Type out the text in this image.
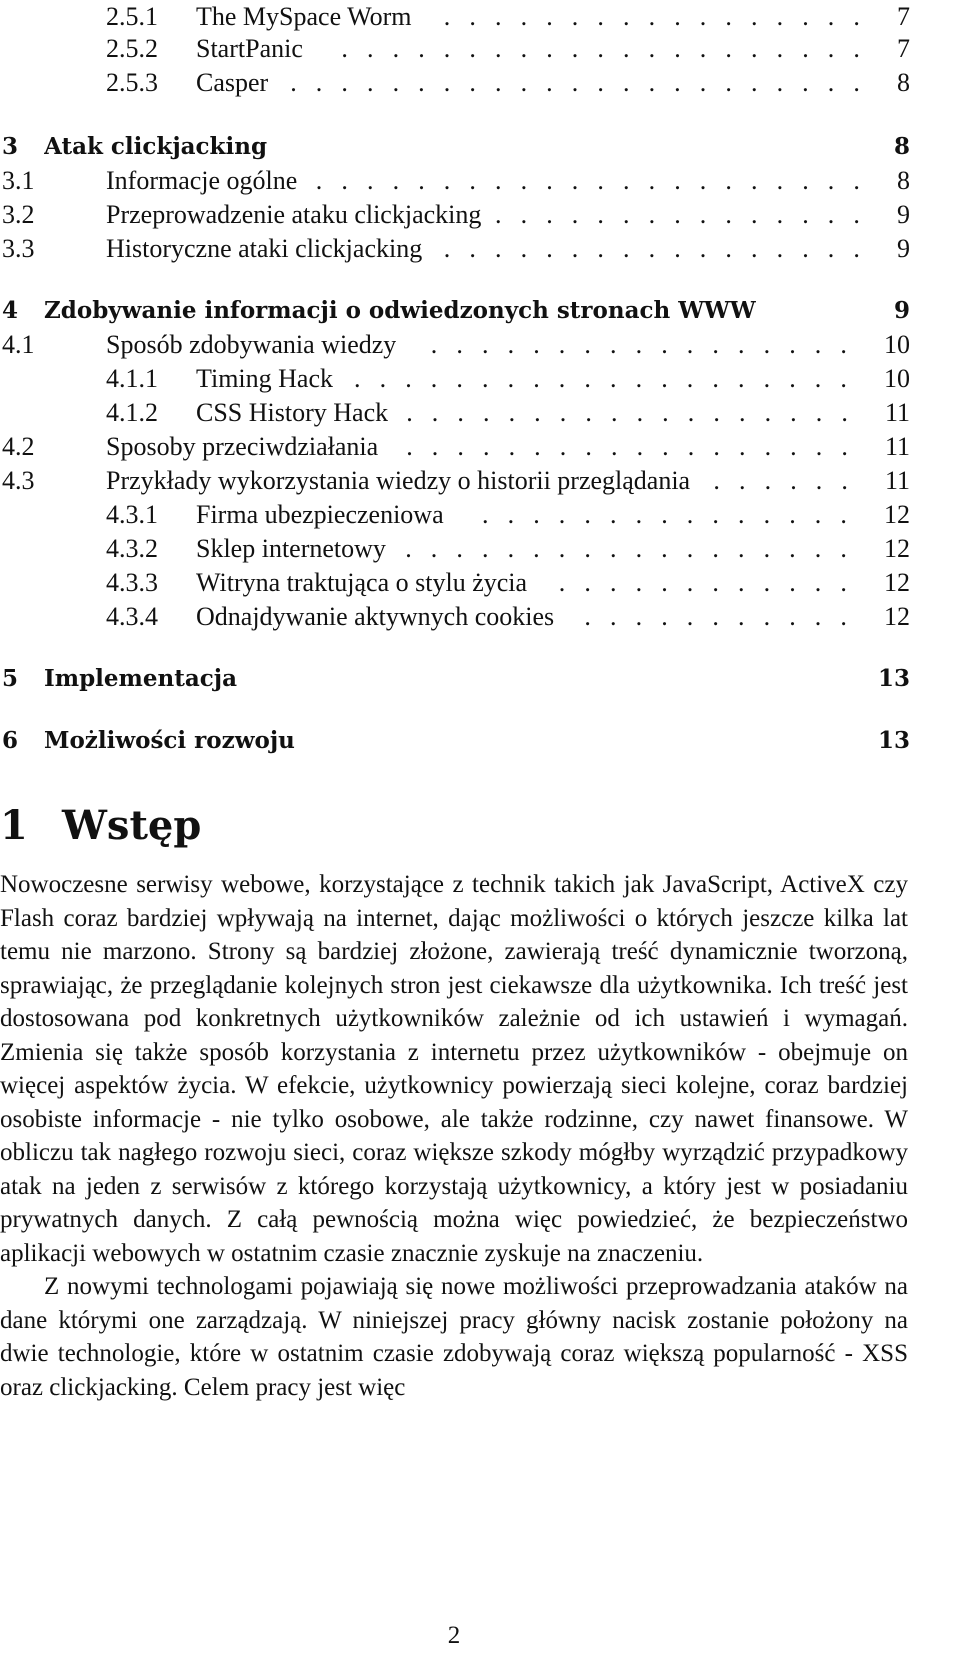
2.5.1 The MySpace Worm ................. 7
2.5.2 StartPanic ..................... 7
2.5.3 Casper ....................... 8
3 Atak clickjacking	8
3.1	Informacje ogólne ...................... 8
3.2	Przeprowadzenie ataku clickjacking ............... 9
3.3	Historyczne ataki clickjacking ................. 9
4 Zdobywanie informacji o odwiedzonych stronach WWW	9
4.1	Sposób zdobywania wiedzy ................. 10
4.1.1 Timing Hack .................... 10
4.1.2 CSS History Hack .................. 11
4.2	Sposoby przeciwdziałania .................. 11
4.3	Przykłady wykorzystania wiedzy o historii przeglądania ...... 11
4.3.1 Firma ubezpieczeniowa ............... 12
4.3.2 Sklep internetowy .................. 12
4.3.3 Witryna traktująca o stylu życia ............ 12
4.3.4 Odnajdywanie aktywnych cookies ........... 12
5 Implementacja	13
6 Możliwości rozwoju	13
1 Wstęp

Nowoczesne serwisy webowe, korzystające z technik takich jak JavaScript, ActiveX czy Flash coraz bardziej wpływają na internet, dając możliwości o których jeszcze kilka lat temu nie marzono. Strony są bardziej złożone, zawierają treść dynamicznie tworzoną, sprawiając, że przeglądanie kolejnych stron jest ciekawsze dla użytkownika. Ich treść jest dostosowana pod konkretnych użytkowników zależnie od ich ustawień i wymagań. Zmienia się także sposób korzystania z internetu przez użytkowników - obejmuje on więcej aspektów życia. W efekcie, użytkownicy powierzają sieci kolejne, coraz bardziej osobiste informacje - nie tylko osobowe, ale także rodzinne, czy nawet finansowe. W obliczu tak nagłego rozwoju sieci, coraz większe szkody mógłby wyrządzić przypadkowy atak na jeden z serwisów z którego korzystają użytkownicy, a który jest w posiadaniu prywatnych danych. Z całą pewnością można więc powiedzieć, że bezpieczeństwo aplikacji webowych w ostatnim czasie znacznie zyskuje na znaczeniu.

Z nowymi technologami pojawiają się nowe możliwości przeprowadzania ataków na dane którymi one zarządzają. W niniejszej pracy główny nacisk zostanie położony na dwie technologie, które w ostatnim czasie zdobywają coraz większą popularność - XSS oraz clickjacking. Celem pracy jest więc

2
